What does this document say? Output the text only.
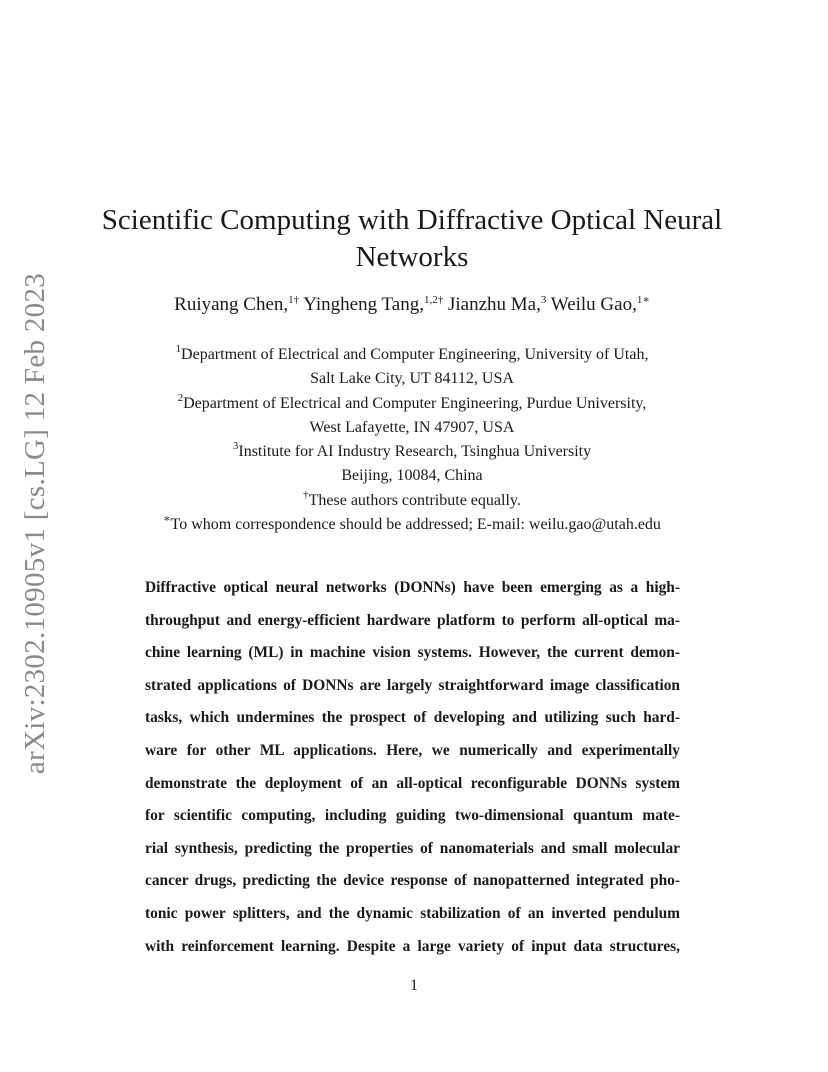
arXiv:2302.10905v1 [cs.LG] 12 Feb 2023
Scientific Computing with Diffractive Optical Neural Networks

Ruiyang Chen,$^{1\dagger}$ Yingheng Tang,$^{1,2\dagger}$ Jianzhu Ma,$^3$ Weilu Gao,$^{1∗}$

$^1$Department of Electrical and Computer Engineering, University of Utah,
Salt Lake City, UT 84112, USA
$^2$Department of Electrical and Computer Engineering, Purdue University,
West Lafayette, IN 47907, USA
$^3$Institute for AI Industry Research, Tsinghua University
Beijing, 10084, China
†These authors contribute equally.
∗To whom correspondence should be addressed; E-mail: weilu.gao@utah.edu
Diffractive optical neural networks (DONNs) have been emerging as a high-
throughput and energy-efficient hardware platform to perform all-optical ma-
chine learning (ML) in machine vision systems. However, the current demon-
strated applications of DONNs are largely straightforward image classification
tasks, which undermines the prospect of developing and utilizing such hard-
ware for other ML applications. Here, we numerically and experimentally
demonstrate the deployment of an all-optical reconfigurable DONNs system
for scientific computing, including guiding two-dimensional quantum mate-
rial synthesis, predicting the properties of nanomaterials and small molecular
cancer drugs, predicting the device response of nanopatterned integrated pho-
tonic power splitters, and the dynamic stabilization of an inverted pendulum
with reinforcement learning. Despite a large variety of input data structures,
1
